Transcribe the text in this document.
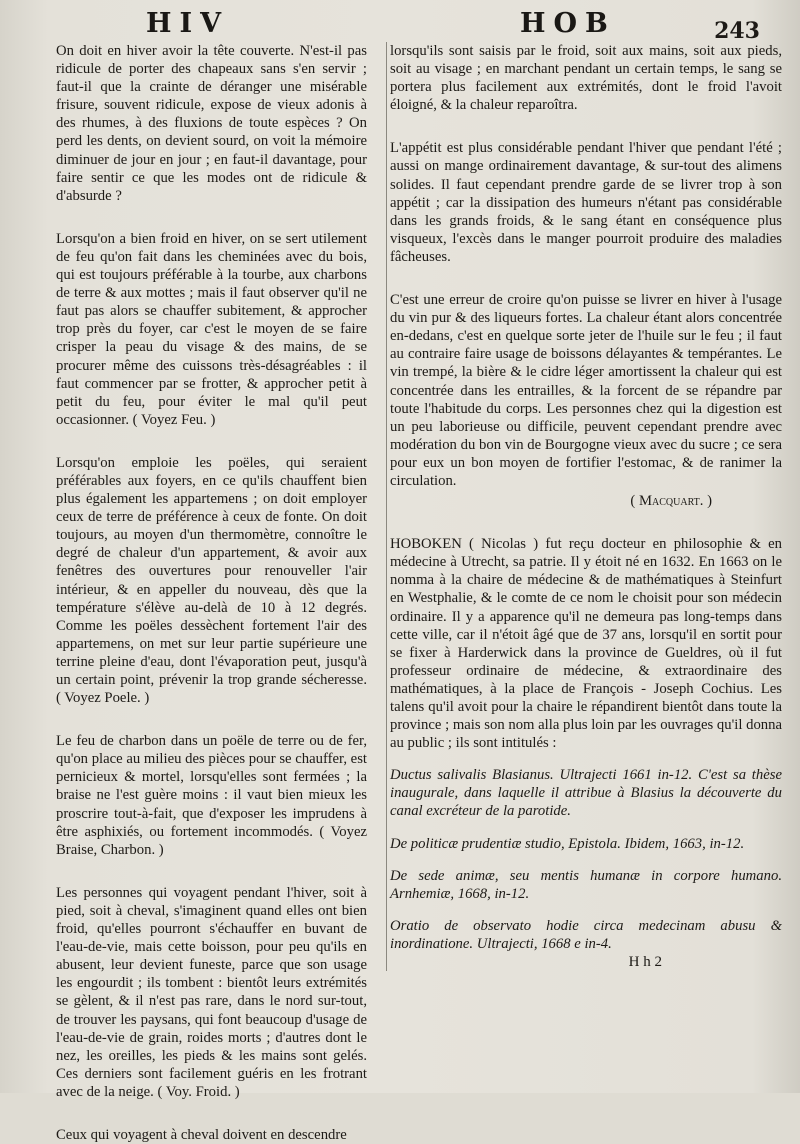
HIV	HOB	243

On doit en hiver avoir la tête couverte. N'est-il pas ridicule de porter des chapeaux sans s'en servir ; faut-il que la crainte de déranger une misérable frisure, souvent ridicule, expose de vieux adonis à des rhumes, à des fluxions de toute espèces ? On perd les dents, on devient sourd, on voit la mémoire diminuer de jour en jour ; en faut-il davantage, pour faire sentir ce que les modes ont de ridicule & d'absurde ?

Lorsqu'on a bien froid en hiver, on se sert utilement de feu qu'on fait dans les cheminées avec du bois, qui est toujours préférable à la tourbe, aux charbons de terre & aux mottes ; mais il faut observer qu'il ne faut pas alors se chauffer subitement, & approcher trop près du foyer, car c'est le moyen de se faire crisper la peau du visage & des mains, de se procurer même des cuissons très-désagréables : il faut commencer par se frotter, & approcher petit à petit du feu, pour éviter le mal qu'il peut occasionner. ( Voyez Feu. )

Lorsqu'on emploie les poëles, qui seraient préférables aux foyers, en ce qu'ils chauffent bien plus également les appartemens ; on doit employer ceux de terre de préférence à ceux de fonte. On doit toujours, au moyen d'un thermomètre, connoître le degré de chaleur d'un appartement, & avoir aux fenêtres des ouvertures pour renouveller l'air intérieur, & en appeller du nouveau, dès que la température s'élève au-delà de 10 à 12 degrés. Comme les poëles dessèchent fortement l'air des appartemens, on met sur leur partie supérieure une terrine pleine d'eau, dont l'évaporation peut, jusqu'à un certain point, prévenir la trop grande sécheresse. ( Voyez Poele. )

Le feu de charbon dans un poële de terre ou de fer, qu'on place au milieu des pièces pour se chauffer, est pernicieux & mortel, lorsqu'elles sont fermées ; la braise ne l'est guère moins : il vaut bien mieux les proscrire tout-à-fait, que d'exposer les imprudens à être asphixiés, ou fortement incommodés. ( Voyez Braise, Charbon. )

Les personnes qui voyagent pendant l'hiver, soit à pied, soit à cheval, s'imaginent quand elles ont bien froid, qu'elles pourront s'échauffer en buvant de l'eau-de-vie, mais cette boisson, pour peu qu'ils en abusent, leur devient funeste, parce que son usage les engourdit ; ils tombent : bientôt leurs extrémités se gèlent, & il n'est pas rare, dans le nord sur-tout, de trouver les paysans, qui font beaucoup d'usage de l'eau-de-vie de grain, roides morts ; d'autres dont le nez, les oreilles, les pieds & les mains sont gelés. Ces derniers sont facilement guéris en les frotrant avec de la neige. ( Voy. Froid. )

Ceux qui voyagent à cheval doivent en descendre

lorsqu'ils sont saisis par le froid, soit aux mains, soit aux pieds, soit au visage ; en marchant pendant un certain temps, le sang se portera plus facilement aux extrémités, dont le froid l'avoit éloigné, & la chaleur reparoîtra.

L'appétit est plus considérable pendant l'hiver que pendant l'été ; aussi on mange ordinairement davantage, & sur-tout des alimens solides. Il faut cependant prendre garde de se livrer trop à son appétit ; car la dissipation des humeurs n'étant pas considérable dans les grands froids, & le sang étant en conséquence plus visqueux, l'excès dans le manger pourroit produire des maladies fâcheuses.

C'est une erreur de croire qu'on puisse se livrer en hiver à l'usage du vin pur & des liqueurs fortes. La chaleur étant alors concentrée en-dedans, c'est en quelque sorte jeter de l'huile sur le feu ; il faut au contraire faire usage de boissons délayantes & tempérantes. Le vin trempé, la bière & le cidre léger amortissent la chaleur qui est concentrée dans les entrailles, & la forcent de se répandre par toute l'habitude du corps. Les personnes chez qui la digestion est un peu laborieuse ou difficile, peuvent cependant prendre avec modération du bon vin de Bourgogne vieux avec du sucre ; ce sera pour eux un bon moyen de fortifier l'estomac, & de ranimer la circulation.

( Macquart. )

HOBOKEN ( Nicolas ) fut reçu docteur en philosophie & en médecine à Utrecht, sa patrie. Il y étoit né en 1632. En 1663 on le nomma à la chaire de médecine & de mathématiques à Steinfurt en Westphalie, & le comte de ce nom le choisit pour son médecin ordinaire. Il y a apparence qu'il ne demeura pas long-temps dans cette ville, car il n'étoit âgé que de 37 ans, lorsqu'il en sortit pour se fixer à Harderwick dans la province de Gueldres, où il fut professeur ordinaire de médecine, & extraordinaire des mathématiques, à la place de François - Joseph Cochius. Les talens qu'il avoit pour la chaire le répandirent bientôt dans toute la province ; mais son nom alla plus loin par les ouvrages qu'il donna au public ; ils sont intitulés :

Ductus salivalis Blasianus. Ultrajecti 1661 in-12. C'est sa thèse inaugurale, dans laquelle il attribue à Blasius la découverte du canal excréteur de la parotide.

De politicæ prudentiæ studio, Epistola. Ibidem, 1663, in-12.

De sede animæ, seu mentis humanæ in corpore humano. Arnhemiæ, 1668, in-12.

Oratio de observato hodie circa medecinam abusu & inordinatione. Ultrajecti, 1668 e in-4.

H h 2
